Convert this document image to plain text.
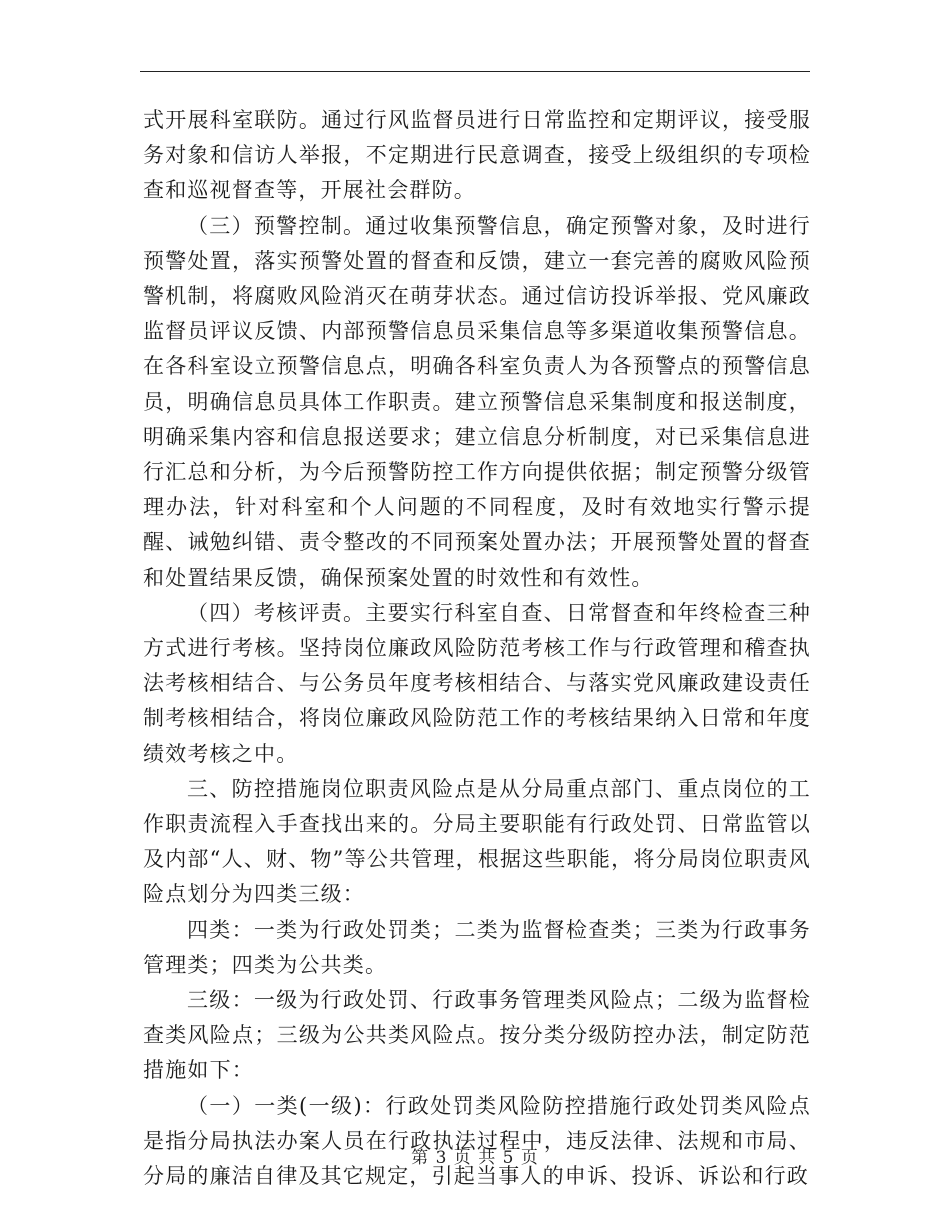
式开展科室联防。通过行风监督员进行日常监控和定期评议，接受服务对象和信访人举报，不定期进行民意调查，接受上级组织的专项检查和巡视督查等，开展社会群防。

（三）预警控制。通过收集预警信息，确定预警对象，及时进行预警处置，落实预警处置的督查和反馈，建立一套完善的腐败风险预警机制，将腐败风险消灭在萌芽状态。通过信访投诉举报、党风廉政监督员评议反馈、内部预警信息员采集信息等多渠道收集预警信息。在各科室设立预警信息点，明确各科室负责人为各预警点的预警信息员，明确信息员具体工作职责。建立预警信息采集制度和报送制度，明确采集内容和信息报送要求；建立信息分析制度，对已采集信息进行汇总和分析，为今后预警防控工作方向提供依据；制定预警分级管理办法，针对科室和个人问题的不同程度，及时有效地实行警示提醒、诫勉纠错、责令整改的不同预案处置办法；开展预警处置的督查和处置结果反馈，确保预案处置的时效性和有效性。

（四）考核评责。主要实行科室自查、日常督查和年终检查三种方式进行考核。坚持岗位廉政风险防范考核工作与行政管理和稽查执法考核相结合、与公务员年度考核相结合、与落实党风廉政建设责任制考核相结合，将岗位廉政风险防范工作的考核结果纳入日常和年度绩效考核之中。

三、防控措施岗位职责风险点是从分局重点部门、重点岗位的工作职责流程入手查找出来的。分局主要职能有行政处罚、日常监管以及内部“人、财、物”等公共管理，根据这些职能，将分局岗位职责风险点划分为四类三级：

四类：一类为行政处罚类；二类为监督检查类；三类为行政事务管理类；四类为公共类。

三级：一级为行政处罚、行政事务管理类风险点；二级为监督检查类风险点；三级为公共类风险点。按分类分级防控办法，制定防范措施如下：

（一）一类(一级)：行政处罚类风险防控措施行政处罚类风险点是指分局执法办案人员在行政执法过程中，违反法律、法规和市局、分局的廉洁自律及其它规定，引起当事人的申诉、投诉、诉讼和行政

第 3 页 共 5 页
